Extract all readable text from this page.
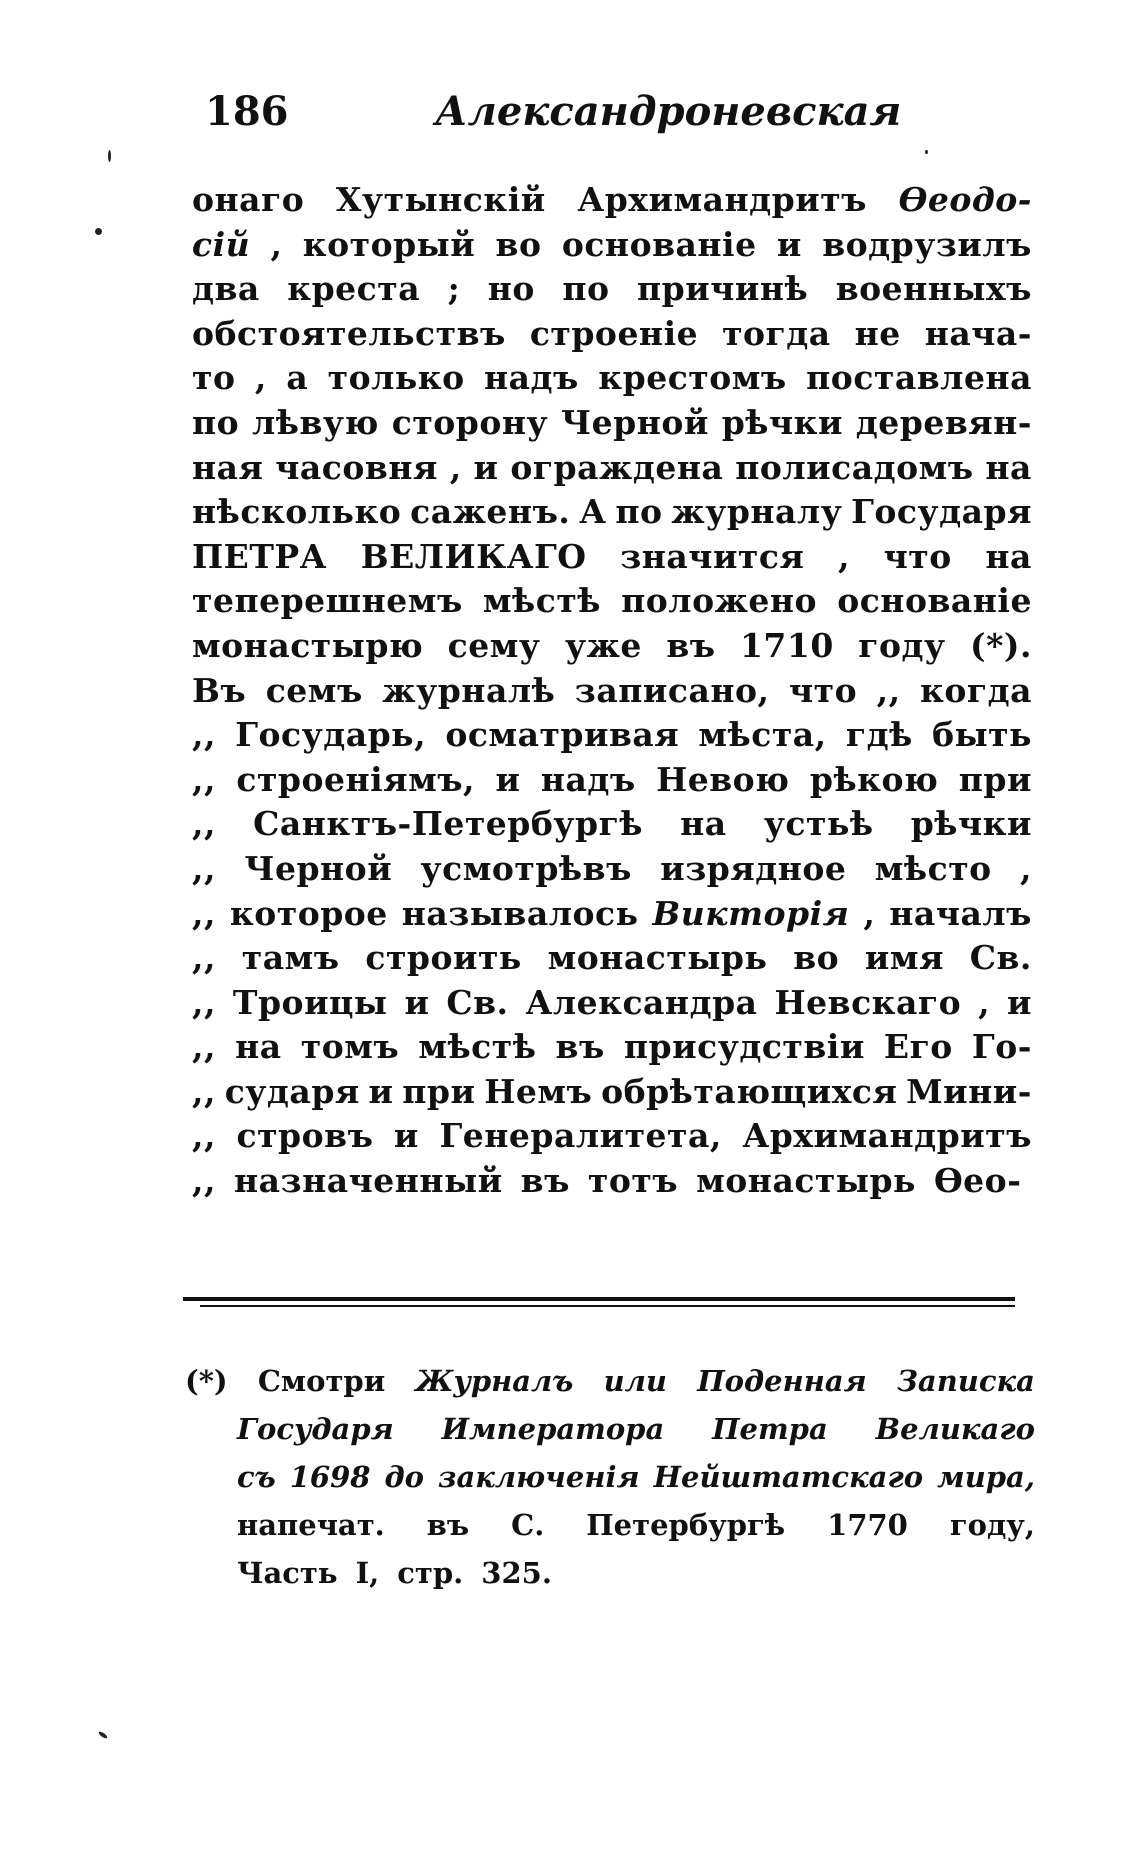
186	Александроневская
онаго Хутынскій Архимандритъ Өеодо-
сій , который во основаніе и водрузилъ
два креста ; но по причинѣ военныхъ
обстоятельствъ строеніе тогда не нача-
то , а только надъ крестомъ поставлена
по лѣвую сторону Черной рѣчки деревян-
ная часовня , и ограждена полисадомъ на
нѣсколько саженъ. А по журналу Государя
ПЕТРА ВЕЛИКАГО значится , что на
теперешнемъ мѣстѣ положено основаніе
монастырю сему уже въ 1710 году (*).
Въ семъ журналѣ записано, что ,, когда
,, Государь, осматривая мѣста, гдѣ быть
,, строеніямъ, и надъ Невою рѣкою при
,, Санктъ-Петербургѣ на устьѣ рѣчки
,, Черной усмотрѣвъ изрядное мѣсто ,
,, которое называлось Викторія , началъ
,, тамъ строить монастырь во имя Св.
,, Троицы и Св. Александра Невскаго , и
,, на томъ мѣстѣ въ присудствіи Его Го-
,, сударя и при Немъ обрѣтающихся Мини-
,, стровъ и Генералитета, Архимандритъ
,, назначенный въ тотъ монастырь Өео-
(*) Смотри Журналъ или Поденная Записка
Государя Императора Петра Великаго
съ 1698 до заключенія Нейштатскаго мира,
напечат. въ С. Петербургѣ 1770 году,
Часть I, стр. 325.
